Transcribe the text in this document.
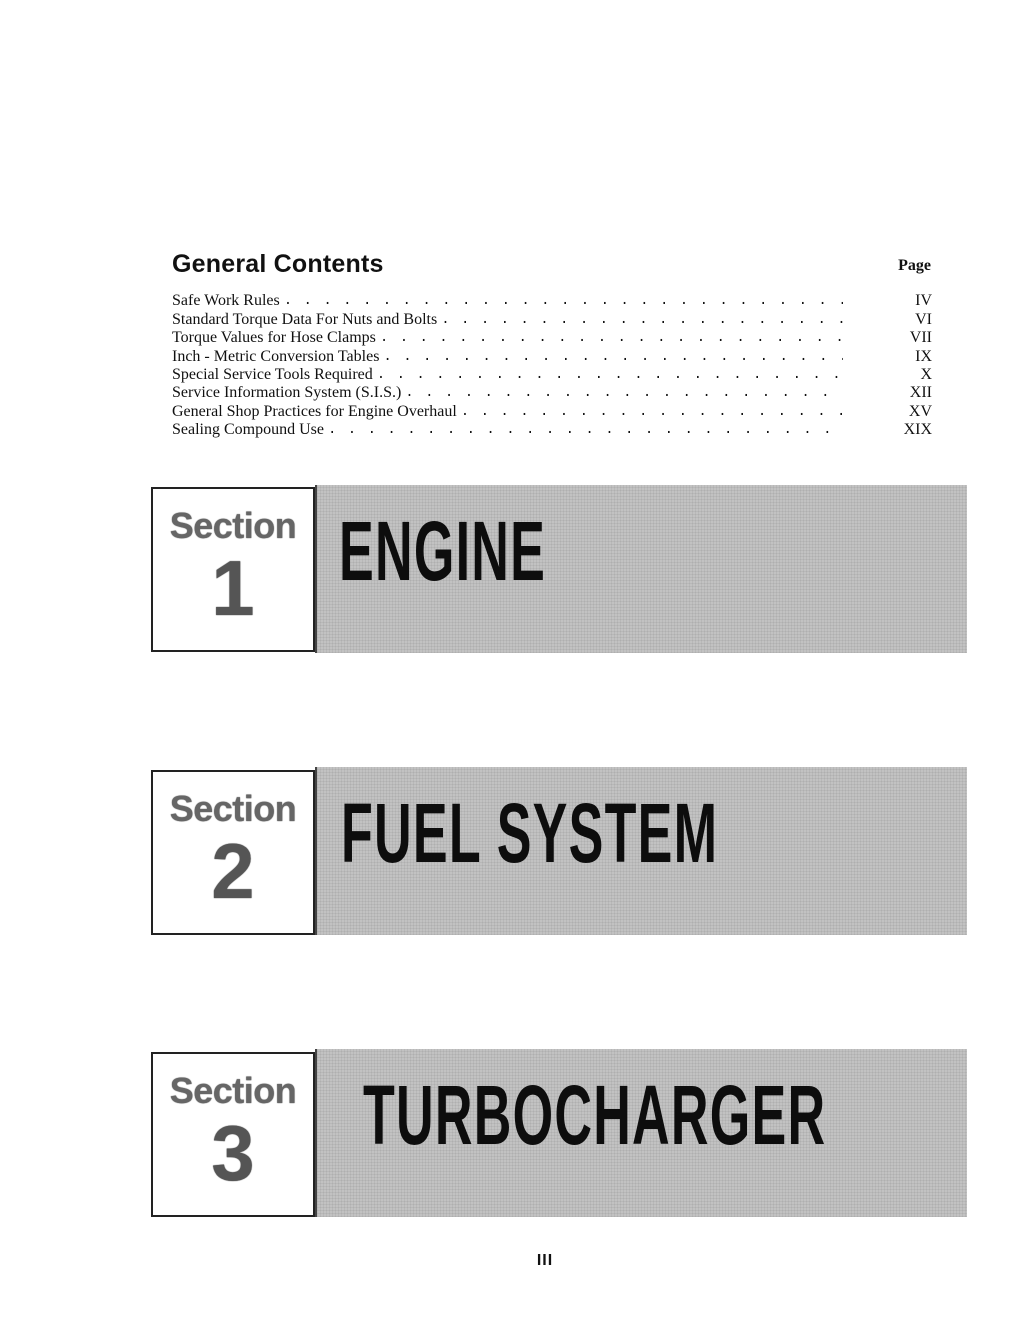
General Contents	Page
Safe Work Rules . . .	IV
Standard Torque Data For Nuts and Bolts . . .	VI
Torque Values for Hose Clamps . . .	VII
Inch - Metric Conversion Tables . . .	IX
Special Service Tools Required . . .	X
Service Information System (S.I.S.) . . .	XII
General Shop Practices for Engine Overhaul . . .	XV
Sealing Compound Use . . .	XIX
Section
1	ENGINE
Section
2	FUEL SYSTEM
Section
3	TURBOCHARGER
III
